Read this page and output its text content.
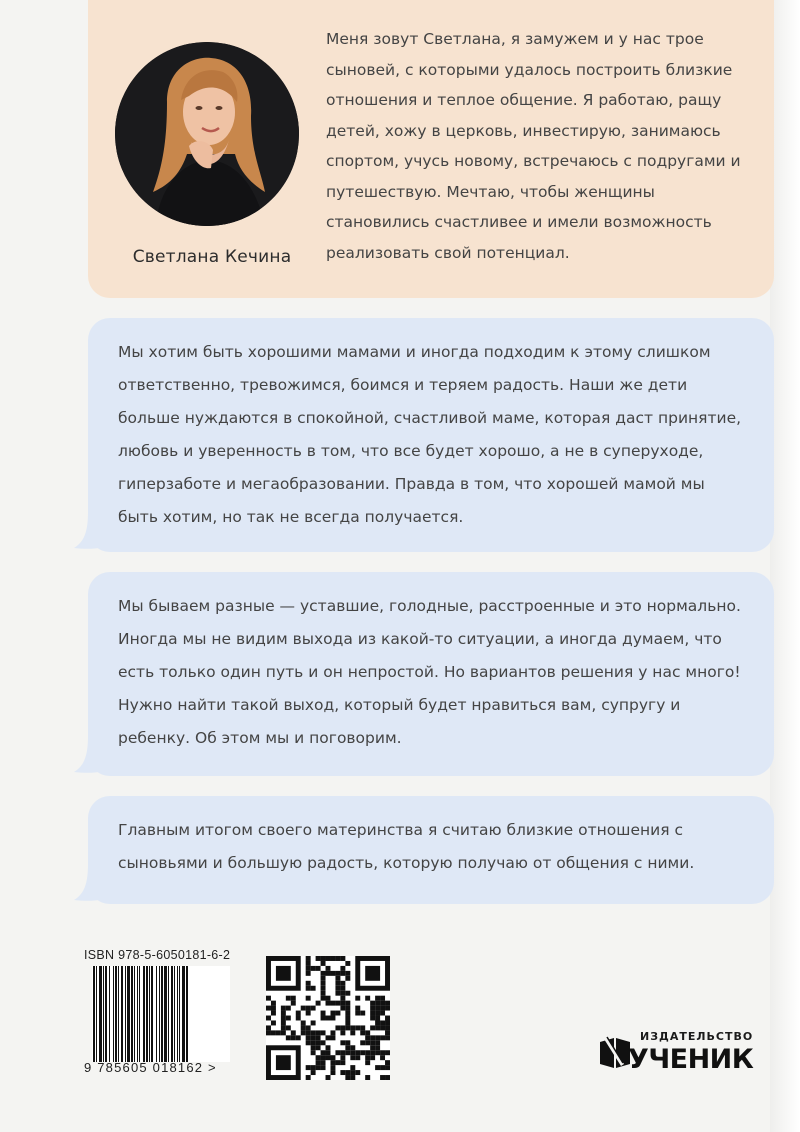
Светлана Кечина

Меня зовут Светлана, я замужем и у нас трое сыновей, с которыми удалось построить близкие отношения и теплое общение. Я работаю, ращу детей, хожу в церковь, инвестирую, занимаюсь спортом, учусь новому, встречаюсь с подругами и путешествую. Мечтаю, чтобы женщины становились счастливее и имели возможность реализовать свой потенциал.

Мы хотим быть хорошими мамами и иногда подходим к этому слишком ответственно, тревожимся, боимся и теряем радость. Наши же дети больше нуждаются в спокойной, счастливой маме, которая даст принятие, любовь и уверенность в том, что все будет хорошо, а не в суперуходе, гиперзаботе и мегаобразовании. Правда в том, что хорошей мамой мы быть хотим, но так не всегда получается.

Мы бываем разные — уставшие, голодные, расстроенные и это нормально. Иногда мы не видим выхода из какой-то ситуации, а иногда думаем, что есть только один путь и он непростой. Но вариантов решения у нас много! Нужно найти такой выход, который будет нравиться вам, супругу и ребенку. Об этом мы и поговорим.

Главным итогом своего материнства я считаю близкие отношения с сыновьями и большую радость, которую получаю от общения с ними.

ISBN 978-5-6050181-6-2
9 785605 018162 >
ИЗДАТЕЛЬСТВО
УЧЕНИК
